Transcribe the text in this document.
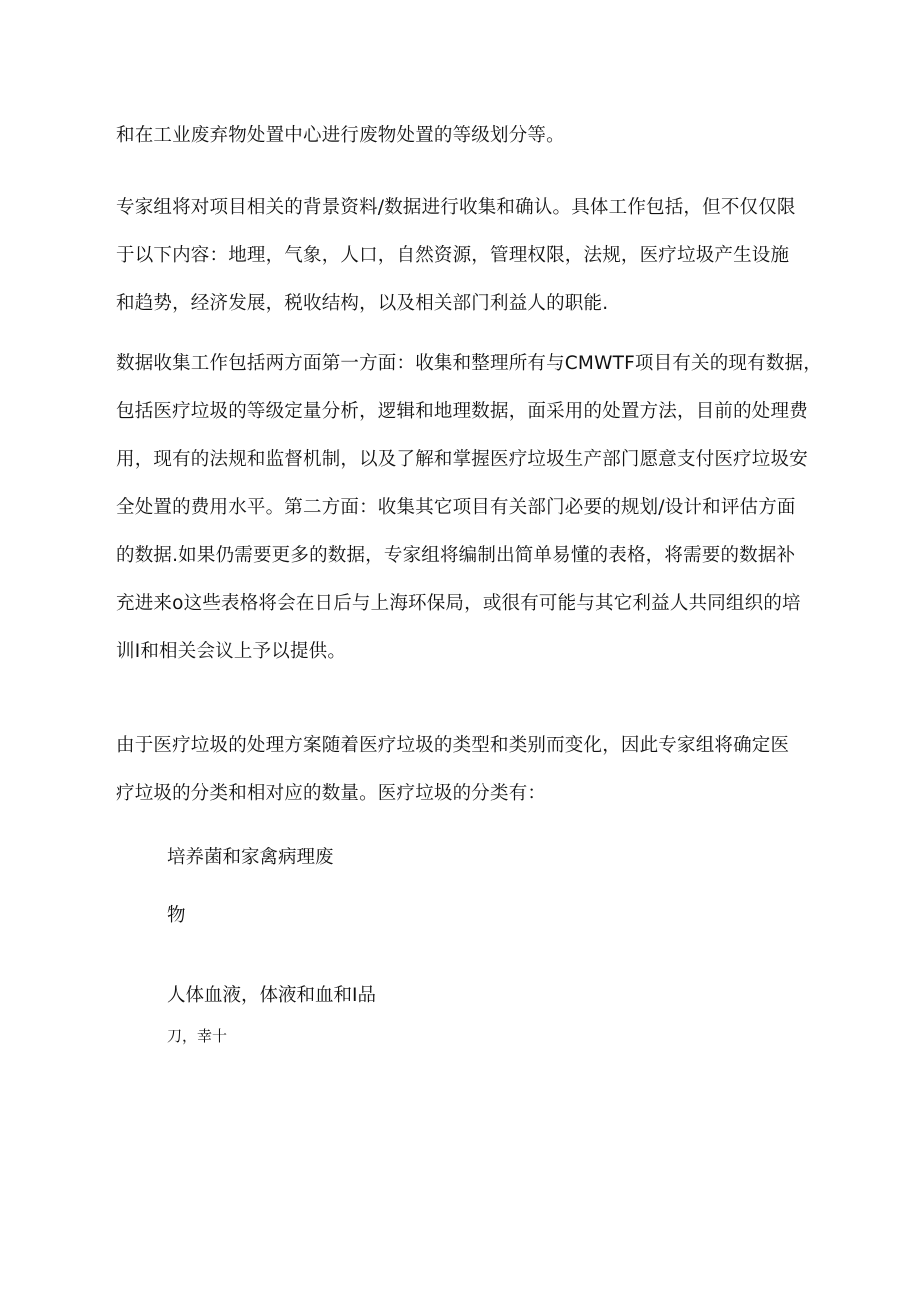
和在工业废弃物处置中心进行废物处置的等级划分等。
专家组将对项目相关的背景资料/数据进行收集和确认。具体工作包括，但不仅仅限
于以下内容：地理，气象，人口，自然资源，管理权限，法规，医疗垃圾产生设施
和趋势，经济发展，税收结构，以及相关部门利益人的职能.
数据收集工作包括两方面第一方面：收集和整理所有与CMWTF项目有关的现有数据，
包括医疗垃圾的等级定量分析，逻辑和地理数据，面采用的处置方法，目前的处理费
用，现有的法规和监督机制，以及了解和掌握医疗垃圾生产部门愿意支付医疗垃圾安
全处置的费用水平。第二方面：收集其它项目有关部门必要的规划/设计和评估方面
的数据.如果仍需要更多的数据，专家组将编制出简单易懂的表格，将需要的数据补
充进来o这些表格将会在日后与上海环保局，或很有可能与其它利益人共同组织的培
训I和相关会议上予以提供。
由于医疗垃圾的处理方案随着医疗垃圾的类型和类别而变化，因此专家组将确定医
疗垃圾的分类和相对应的数量。医疗垃圾的分类有：

培养菌和家禽病理废

物

人体血液，体液和血和I品

刀，幸十
